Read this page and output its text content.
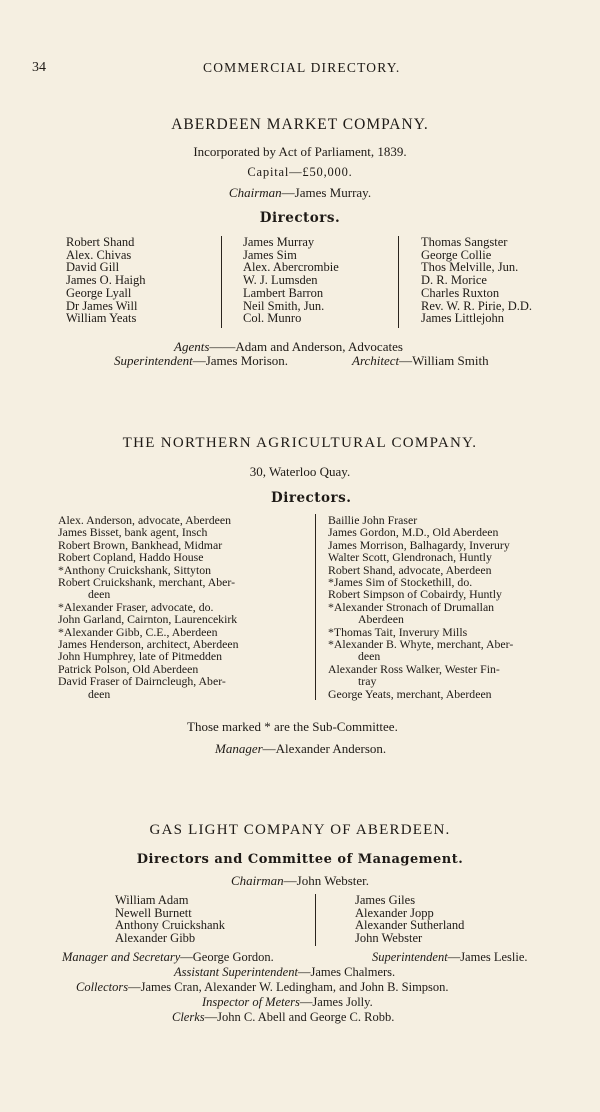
34	COMMERCIAL DIRECTORY.
ABERDEEN MARKET COMPANY.
Incorporated by Act of Parliament, 1839.
Capital—£50,000.
Chairman—James Murray.
Directors.
Robert Shand
Alex. Chivas
David Gill
James O. Haigh
George Lyall
Dr James Will
William Yeats
James Murray
James Sim
Alex. Abercrombie
W. J. Lumsden
Lambert Barron
Neil Smith, Jun.
Col. Munro
Thomas Sangster
George Collie
Thos Melville, Jun.
D. R. Morice
Charles Ruxton
Rev. W. R. Pirie, D.D.
James Littlejohn
Agents——Adam and Anderson, Advocates
Superintendent—James Morison.	Architect—William Smith
THE NORTHERN AGRICULTURAL COMPANY.
30, Waterloo Quay.
Directors.
Alex. Anderson, advocate, Aberdeen
James Bisset, bank agent, Insch
Robert Brown, Bankhead, Midmar
Robert Copland, Haddo House
*Anthony Cruickshank, Sittyton
Robert Cruickshank, merchant, Aber-
deen
*Alexander Fraser, advocate, do.
John Garland, Cairnton, Laurencekirk
*Alexander Gibb, C.E., Aberdeen
James Henderson, architect, Aberdeen
John Humphrey, late of Pitmedden
Patrick Polson, Old Aberdeen
David Fraser of Dairncleugh, Aber-
deen
Baillie John Fraser
James Gordon, M.D., Old Aberdeen
James Morrison, Balhagardy, Inverury
Walter Scott, Glendronach, Huntly
Robert Shand, advocate, Aberdeen
*James Sim of Stockethill, do.
Robert Simpson of Cobairdy, Huntly
*Alexander Stronach of Drumallan
Aberdeen
*Thomas Tait, Inverury Mills
*Alexander B. Whyte, merchant, Aber-
deen
Alexander Ross Walker, Wester Fin-
tray
George Yeats, merchant, Aberdeen
Those marked * are the Sub-Committee.
Manager—Alexander Anderson.
GAS LIGHT COMPANY OF ABERDEEN.
Directors and Committee of Management.
Chairman—John Webster.
William Adam
Newell Burnett
Anthony Cruickshank
Alexander Gibb
James Giles
Alexander Jopp
Alexander Sutherland
John Webster
Manager and Secretary—George Gordon.	Superintendent—James Leslie.
Assistant Superintendent—James Chalmers.
Collectors—James Cran, Alexander W. Ledingham, and John B. Simpson.
Inspector of Meters—James Jolly.
Clerks—John C. Abell and George C. Robb.
